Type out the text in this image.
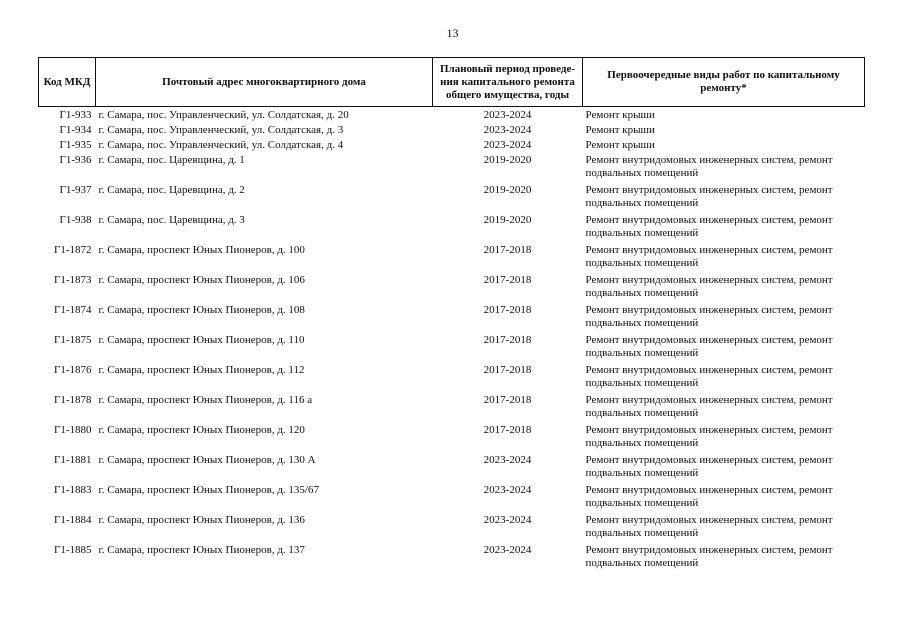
13
Код МКД	Почтовый адрес многоквартирного дома	Плановый период проведе-ния капитального ремонта общего имущества, годы	Первоочередные виды работ по капитальному ремонту*
Г1-933	г. Самара, пос. Управленческий, ул. Солдатская, д. 20	2023-2024	Ремонт крыши
Г1-934	г. Самара, пос. Управленческий, ул. Солдатская, д. 3	2023-2024	Ремонт крыши
Г1-935	г. Самара, пос. Управленческий, ул. Солдатская, д. 4	2023-2024	Ремонт крыши
Г1-936	г. Самара, пос. Царевщина, д. 1	2019-2020	Ремонт внутридомовых инженерных систем, ремонт подвальных помещений
Г1-937	г. Самара, пос. Царевщина, д. 2	2019-2020	Ремонт внутридомовых инженерных систем, ремонт подвальных помещений
Г1-938	г. Самара, пос. Царевщина, д. 3	2019-2020	Ремонт внутридомовых инженерных систем, ремонт подвальных помещений
Г1-1872	г. Самара, проспект Юных Пионеров, д. 100	2017-2018	Ремонт внутридомовых инженерных систем, ремонт подвальных помещений
Г1-1873	г. Самара, проспект Юных Пионеров, д. 106	2017-2018	Ремонт внутридомовых инженерных систем, ремонт подвальных помещений
Г1-1874	г. Самара, проспект Юных Пионеров, д. 108	2017-2018	Ремонт внутридомовых инженерных систем, ремонт подвальных помещений
Г1-1875	г. Самара, проспект Юных Пионеров, д. 110	2017-2018	Ремонт внутридомовых инженерных систем, ремонт подвальных помещений
Г1-1876	г. Самара, проспект Юных Пионеров, д. 112	2017-2018	Ремонт внутридомовых инженерных систем, ремонт подвальных помещений
Г1-1878	г. Самара, проспект Юных Пионеров, д. 116 а	2017-2018	Ремонт внутридомовых инженерных систем, ремонт подвальных помещений
Г1-1880	г. Самара, проспект Юных Пионеров, д. 120	2017-2018	Ремонт внутридомовых инженерных систем, ремонт подвальных помещений
Г1-1881	г. Самара, проспект Юных Пионеров, д. 130 А	2023-2024	Ремонт внутридомовых инженерных систем, ремонт подвальных помещений
Г1-1883	г. Самара, проспект Юных Пионеров, д. 135/67	2023-2024	Ремонт внутридомовых инженерных систем, ремонт подвальных помещений
Г1-1884	г. Самара, проспект Юных Пионеров, д. 136	2023-2024	Ремонт внутридомовых инженерных систем, ремонт подвальных помещений
Г1-1885	г. Самара, проспект Юных Пионеров, д. 137	2023-2024	Ремонт внутридомовых инженерных систем, ремонт подвальных помещений
